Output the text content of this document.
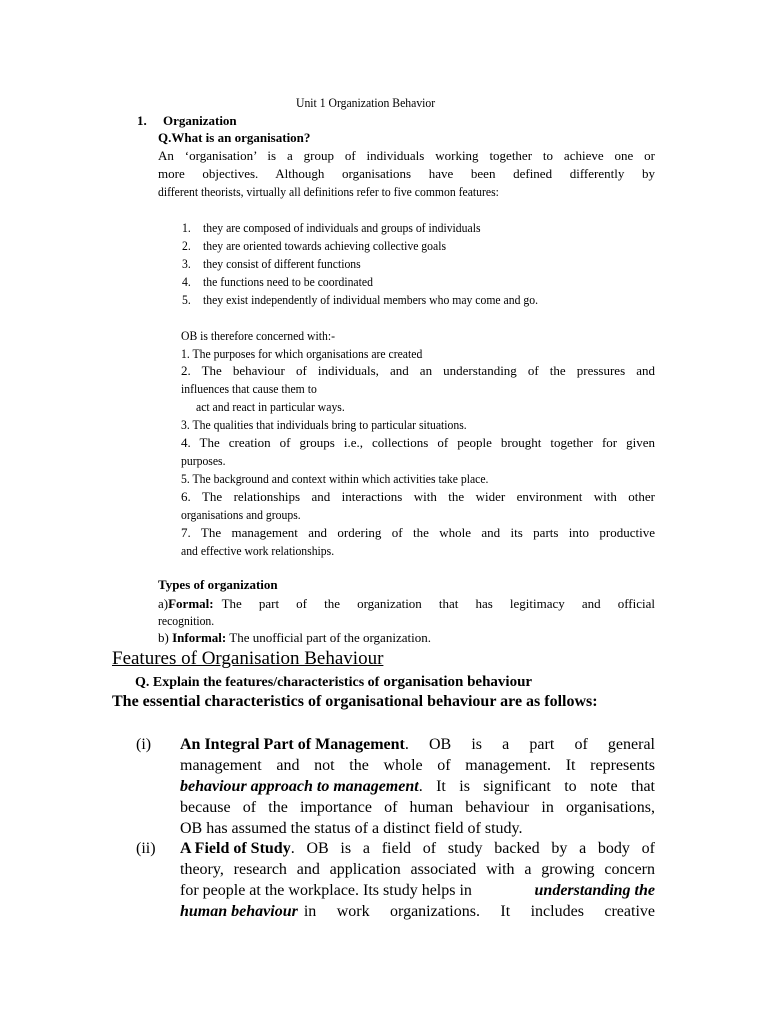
Unit 1 Organization Behavior
1. Organization
Q.What is an organisation?
An ‘organisation’ is a group of individuals working together to achieve one or
more objectives. Although organisations have been defined differently by
different theorists, virtually all definitions refer to five common features:
1. they are composed of individuals and groups of individuals
2. they are oriented towards achieving collective goals
3. they consist of different functions
4. the functions need to be coordinated
5. they exist independently of individual members who may come and go.
OB is therefore concerned with:-
1. The purposes for which organisations are created
2. The behaviour of individuals, and an understanding of the pressures and
influences that cause them to
act and react in particular ways.
3. The qualities that individuals bring to particular situations.
4. The creation of groups i.e., collections of people brought together for given
purposes.
5. The background and context within which activities take place.
6. The relationships and interactions with the wider environment with other
organisations and groups.
7. The management and ordering of the whole and its parts into productive
and effective work relationships.
Types of organization
a)Formal: The part of the organization that has legitimacy and official
recognition.
b) Informal: The unofficial part of the organization.
Features of Organisation Behaviour
Q. Explain the features/characteristics of organisation behaviour
The essential characteristics of organisational behaviour are as follows:
(i) An Integral Part of Management . OB is a part of general
management and not the whole of management. It represents
behaviour approach to management . It is significant to note that
because of the importance of human behaviour in organisations,
OB has assumed the status of a distinct field of study.
(ii) A Field of Study . OB is a field of study backed by a body of
theory, research and application associated with a growing concern
for people at the workplace. Its study helps in	understanding the
human behaviour in work organizations. It includes creative
